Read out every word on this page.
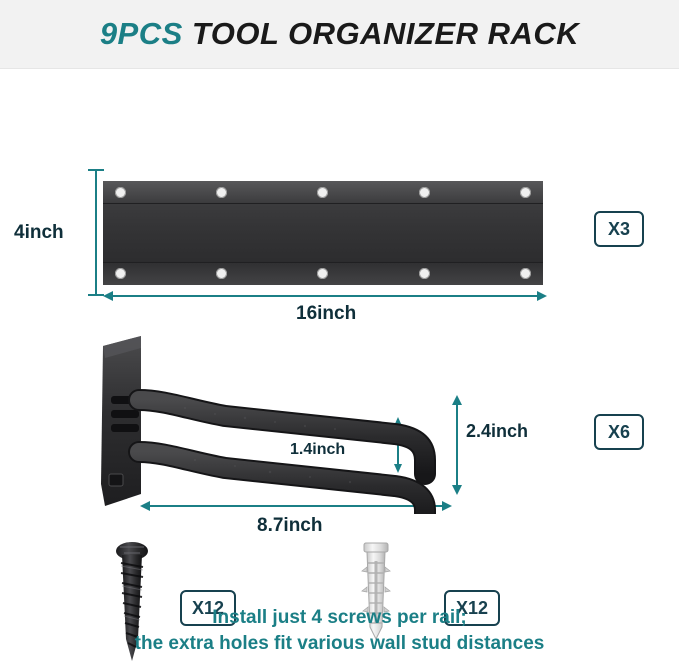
9PCS TOOL ORGANIZER RACK
4inch
16inch
2.4inch
1.4inch
8.7inch
X3
X6
X12	X12
Install just 4 screws per rail;
the extra holes fit various wall stud distances
